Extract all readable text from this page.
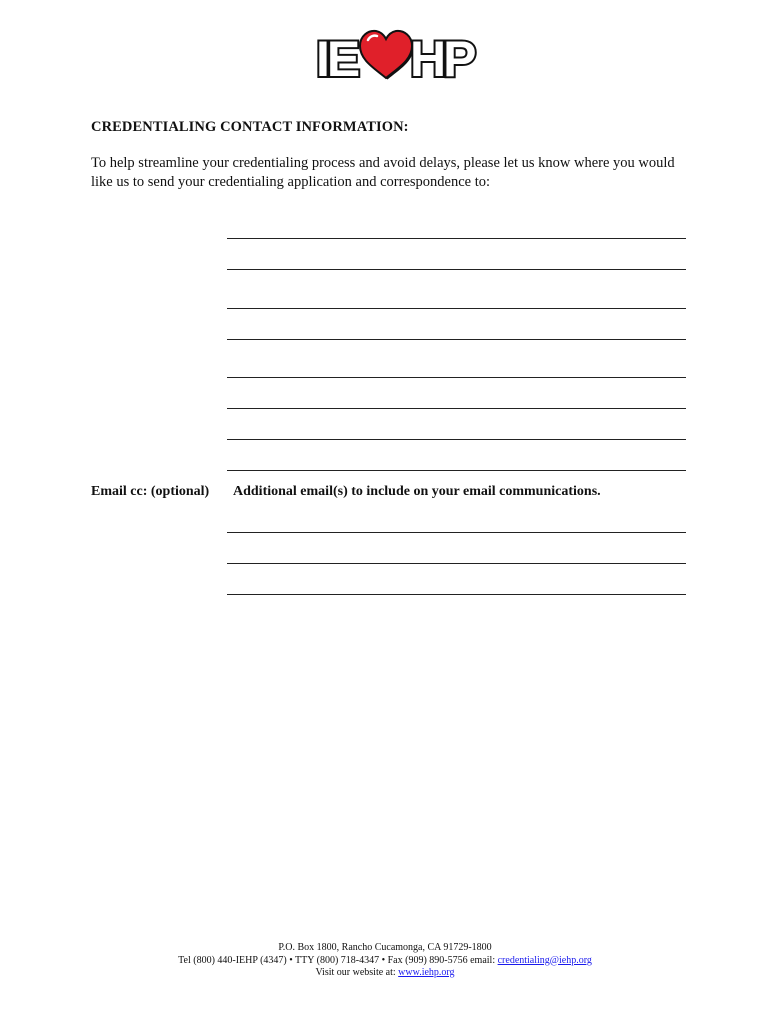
IE HP
CREDENTIALING CONTACT INFORMATION:

To help streamline your credentialing process and avoid delays, please let us know where you would like us to send your credentialing application and correspondence to:

Email cc: (optional) Additional email(s) to include on your email communications.
P.O. Box 1800, Rancho Cucamonga, CA 91729-1800
Tel (800) 440-IEHP (4347) • TTY (800) 718-4347 • Fax (909) 890-5756 email: credentialing@iehp.org
Visit our website at: www.iehp.org
